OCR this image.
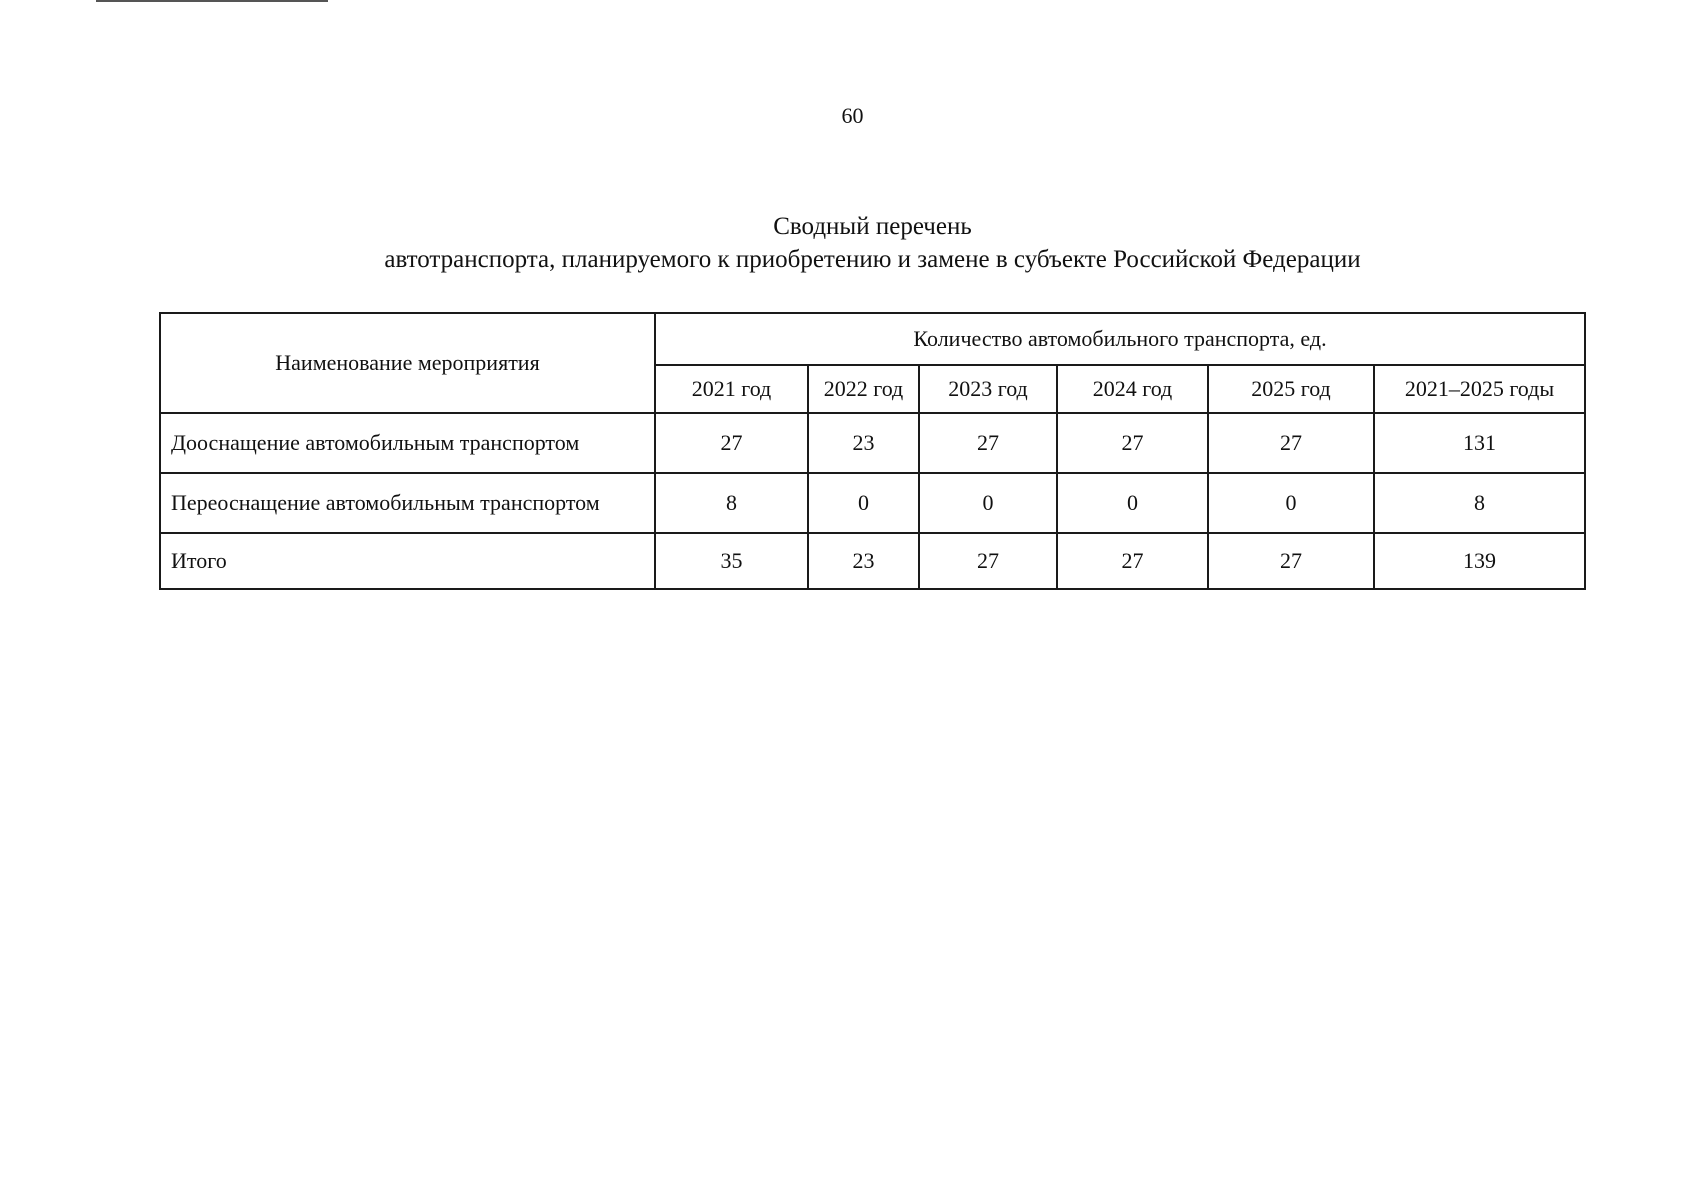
60
Сводный перечень
автотранспорта, планируемого к приобретению и замене в субъекте Российской Федерации
Наименование мероприятия	Количество автомобильного транспорта, ед.					
	2021 год	2022 год	2023 год	2024 год	2025 год	2021–2025 годы
Дооснащение автомобильным транспортом	27	23	27	27	27	131
Переоснащение автомобильным транспортом	8	0	0	0	0	8
Итого	35	23	27	27	27	139
